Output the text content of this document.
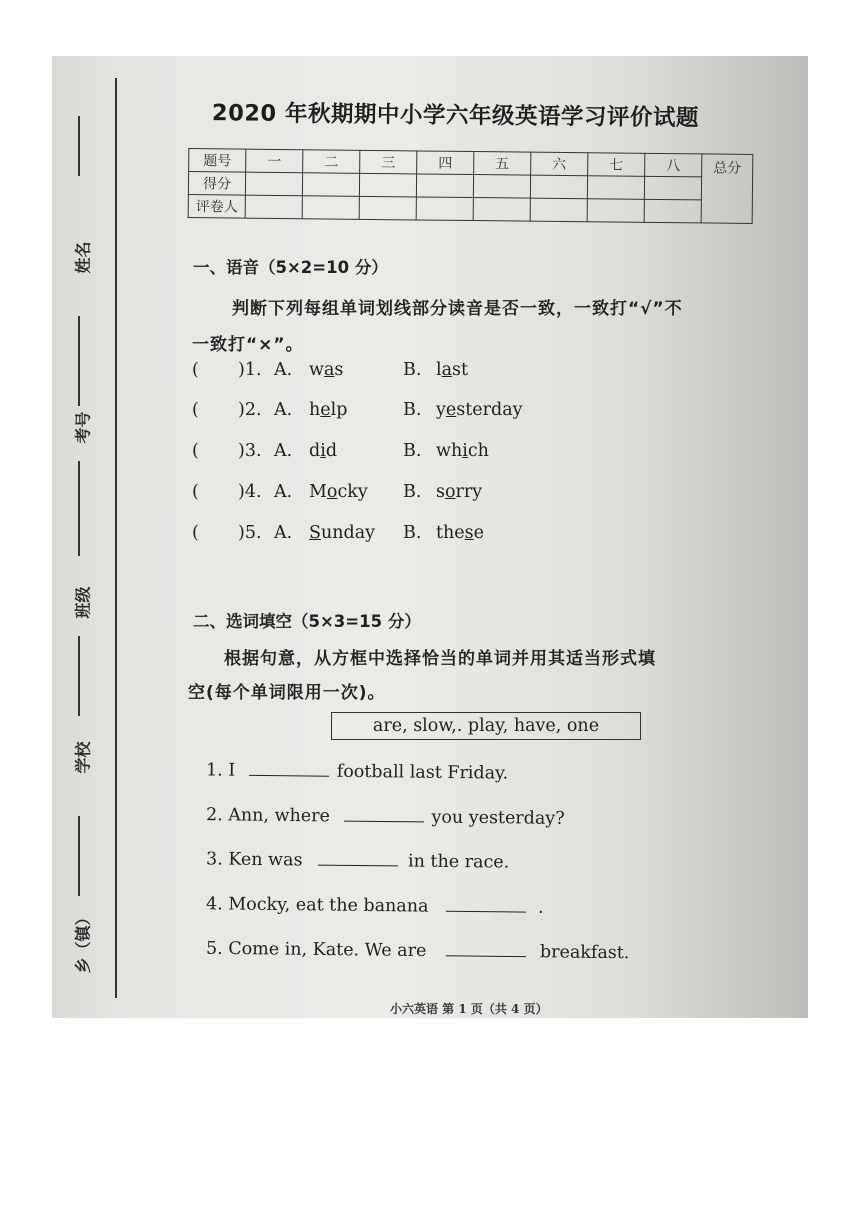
姓名
考号
班级
学校
乡（镇）
2020 年秋期期中小学六年级英语学习评价试题
题号	一	二	三	四	五	六	七	八	总分
得分									
评卷人									
一、语音（5×2=10 分）
判断下列每组单词划线部分读音是否一致，一致打“√”不
一致打“×”。
( )1. A. was	B. last
( )2. A. help	B. yesterday
( )3. A. did	B. which
( )4. A. Mocky B. sorry
( )5. A. Sunday B. these
二、选词填空（5×3=15 分）
根据句意，从方框中选择恰当的单词并用其适当形式填
空(每个单词限用一次)。
are, slow,. play, have, one
1. I	football last Friday.
2. Ann, where	you yesterday?
3. Ken was	in the race.
4. Mocky, eat the banana	.
5. Come in, Kate. We are	breakfast.
小六英语 第 1 页（共 4 页）
